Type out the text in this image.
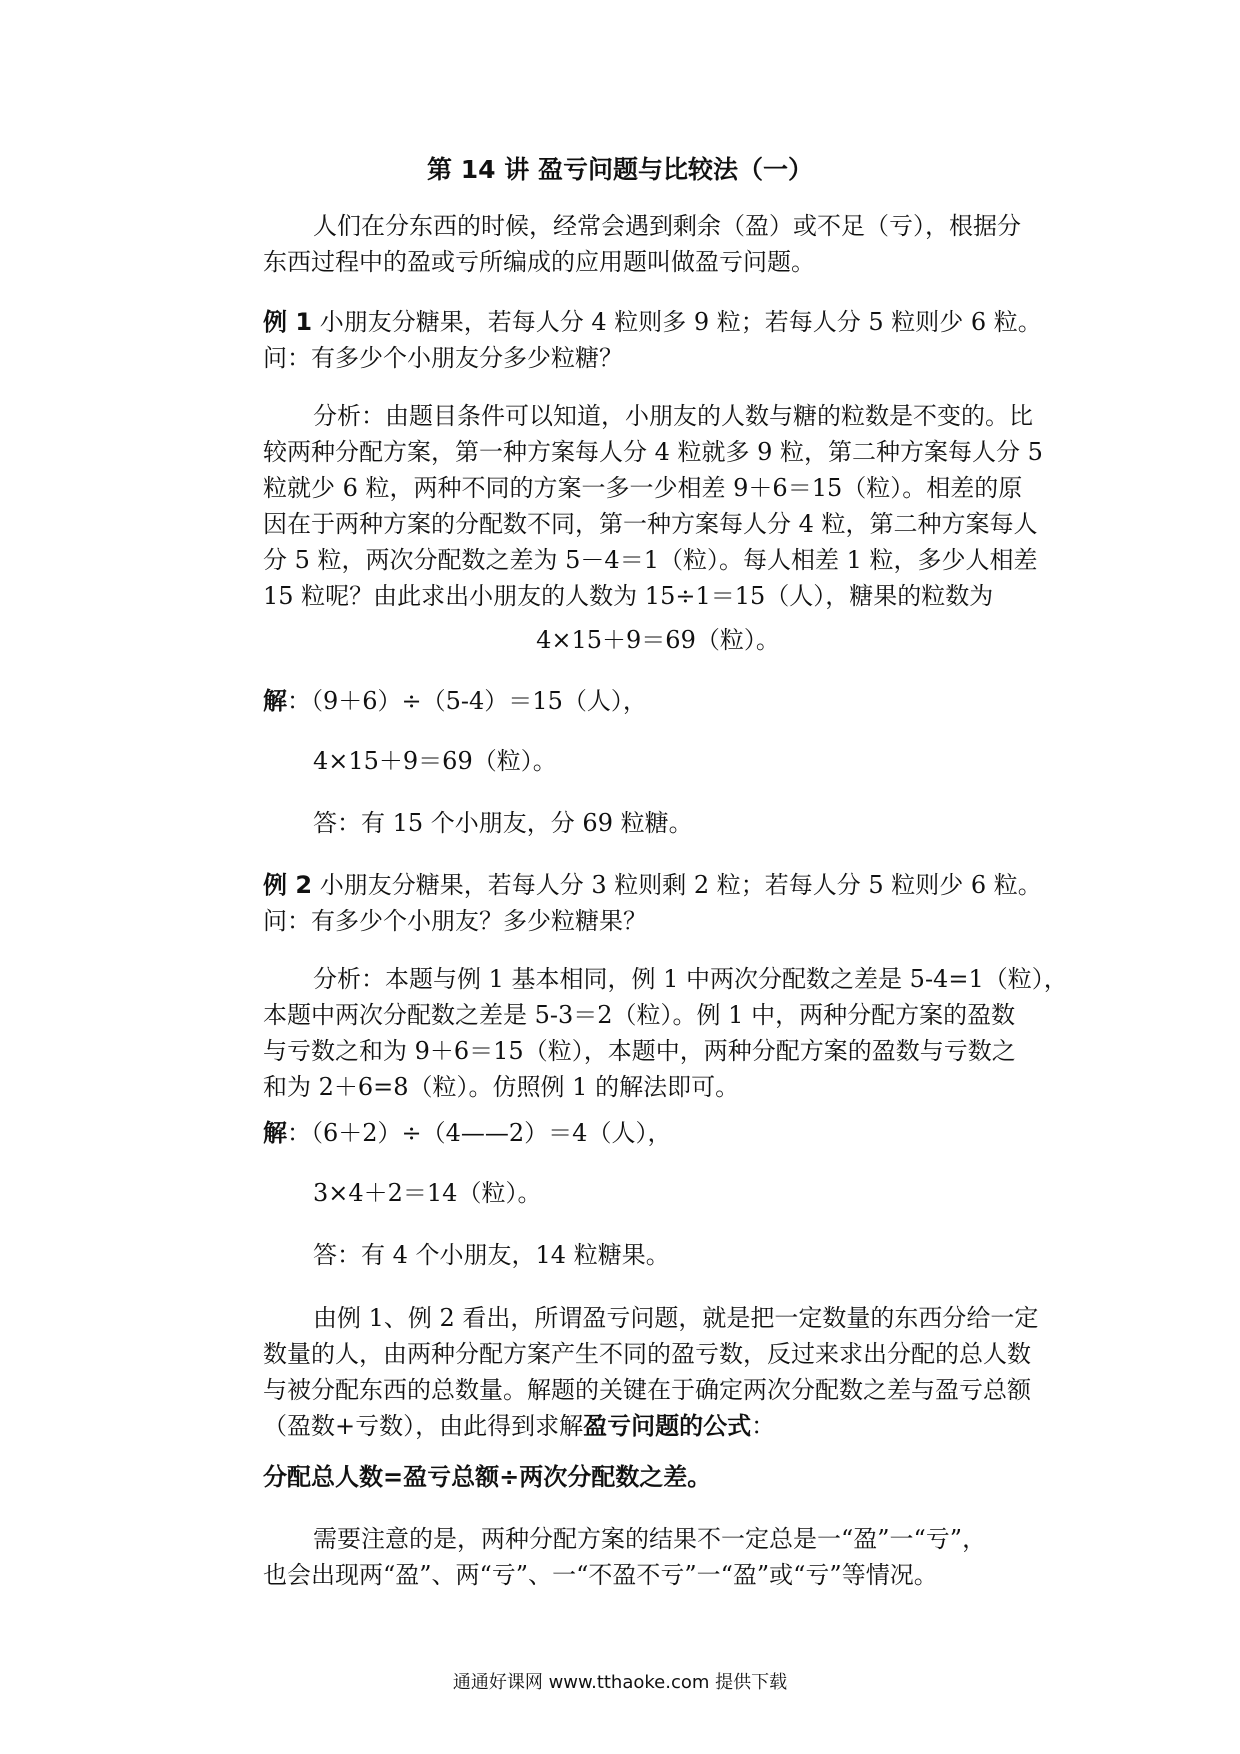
第 14 讲 盈亏问题与比较法（一）
人们在分东西的时候，经常会遇到剩余（盈）或不足（亏），根据分
东西过程中的盈或亏所编成的应用题叫做盈亏问题。
例 1 小朋友分糖果，若每人分 4 粒则多 9 粒；若每人分 5 粒则少 6 粒。
问：有多少个小朋友分多少粒糖？
分析：由题目条件可以知道，小朋友的人数与糖的粒数是不变的。比
较两种分配方案，第一种方案每人分 4 粒就多 9 粒，第二种方案每人分 5
粒就少 6 粒，两种不同的方案一多一少相差 9＋6＝15（粒）。相差的原
因在于两种方案的分配数不同，第一种方案每人分 4 粒，第二种方案每人
分 5 粒，两次分配数之差为 5－4＝1（粒）。每人相差 1 粒，多少人相差
15 粒呢？由此求出小朋友的人数为 15÷1＝15（人），糖果的粒数为
4×15＋9＝69（粒）。
解：（9＋6）÷（5-4）＝15（人），
4×15＋9＝69（粒）。
答：有 15 个小朋友，分 69 粒糖。
例 2 小朋友分糖果，若每人分 3 粒则剩 2 粒；若每人分 5 粒则少 6 粒。
问：有多少个小朋友？多少粒糖果？
分析：本题与例 1 基本相同，例 1 中两次分配数之差是 5-4=1（粒），
本题中两次分配数之差是 5-3＝2（粒）。例 1 中，两种分配方案的盈数
与亏数之和为 9＋6＝15（粒），本题中，两种分配方案的盈数与亏数之
和为 2＋6=8（粒）。仿照例 1 的解法即可。
解：（6＋2）÷（4——2）＝4（人），
3×4＋2＝14（粒）。
答：有 4 个小朋友，14 粒糖果。
由例 1、例 2 看出，所谓盈亏问题，就是把一定数量的东西分给一定
数量的人，由两种分配方案产生不同的盈亏数，反过来求出分配的总人数
与被分配东西的总数量。解题的关键在于确定两次分配数之差与盈亏总额
（盈数+亏数），由此得到求解盈亏问题的公式：
分配总人数=盈亏总额÷两次分配数之差。
需要注意的是，两种分配方案的结果不一定总是一“盈”一“亏”，
也会出现两“盈”、两“亏”、一“不盈不亏”一“盈”或“亏”等情况。
通通好课网 www.tthaoke.com 提供下载
